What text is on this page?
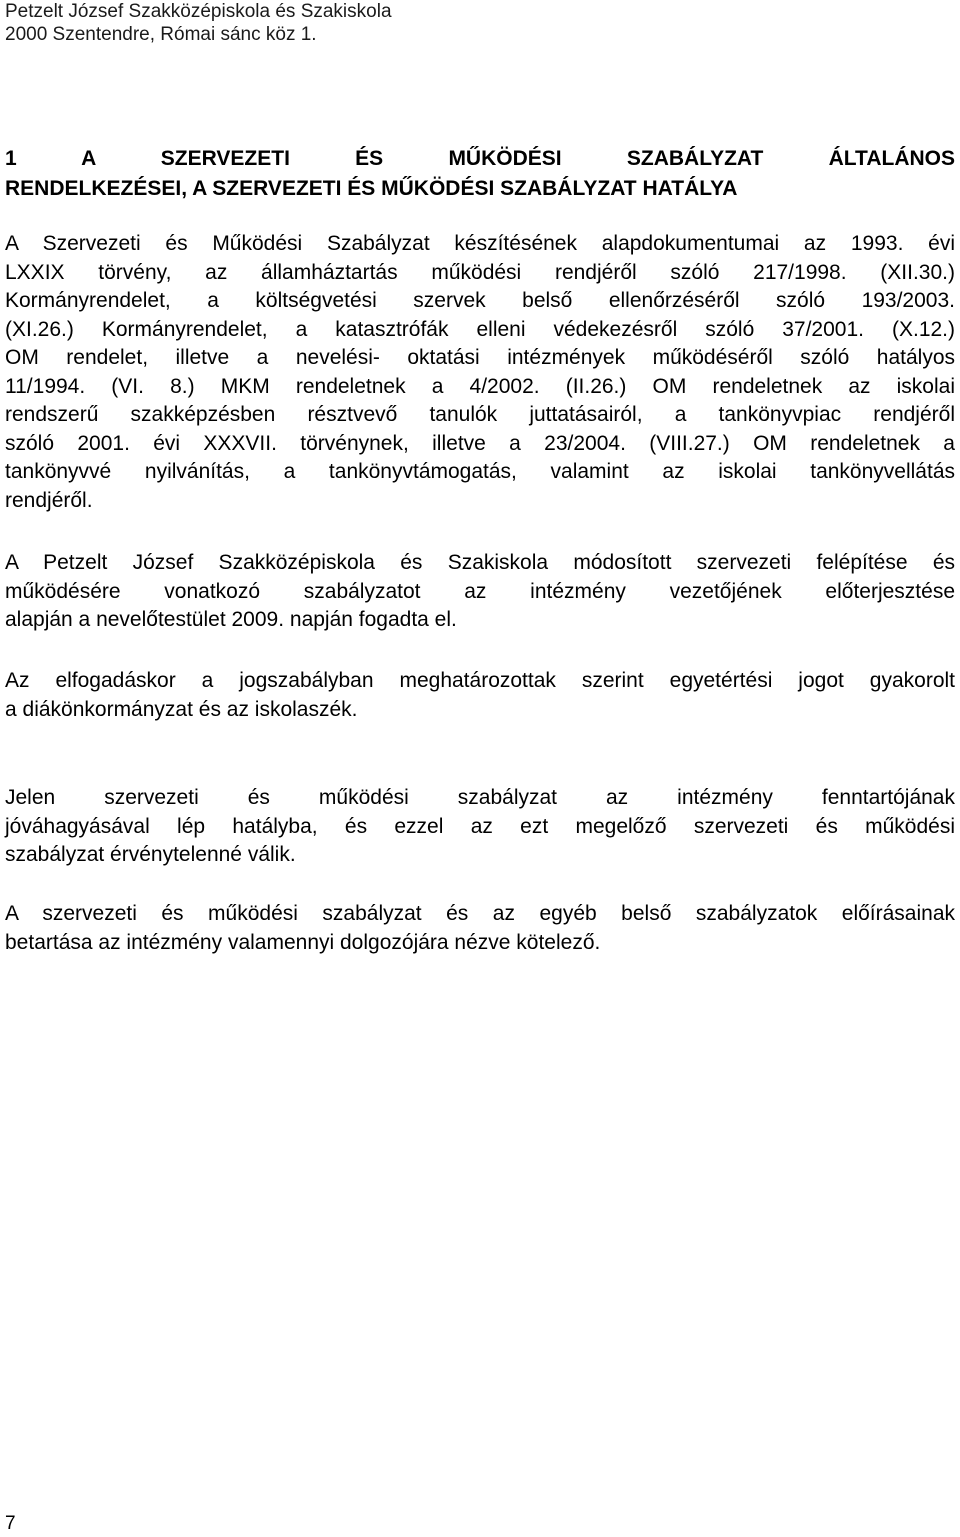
Petzelt József Szakközépiskola és Szakiskola
2000 Szentendre, Római sánc köz 1.
1 A SZERVEZETI ÉS MŰKÖDÉSI SZABÁLYZAT ÁLTALÁNOS
RENDELKEZÉSEI, A SZERVEZETI ÉS MŰKÖDÉSI SZABÁLYZAT HATÁLYA
A Szervezeti és Működési Szabályzat készítésének alapdokumentumai az 1993. évi
LXXIX törvény, az államháztartás működési rendjéről szóló 217/1998. (XII.30.)
Kormányrendelet, a költségvetési szervek belső ellenőrzéséről szóló 193/2003.
(XI.26.) Kormányrendelet, a katasztrófák elleni védekezésről szóló 37/2001. (X.12.)
OM rendelet, illetve a nevelési- oktatási intézmények működéséről szóló hatályos
11/1994. (VI. 8.) MKM rendeletnek a 4/2002. (II.26.) OM rendeletnek az iskolai
rendszerű szakképzésben résztvevő tanulók juttatásairól, a tankönyvpiac rendjéről
szóló 2001. évi XXXVII. törvénynek, illetve a 23/2004. (VIII.27.) OM rendeletnek a
tankönyvvé nyilvánítás, a tankönyvtámogatás, valamint az iskolai tankönyvellátás
rendjéről.
A Petzelt József Szakközépiskola és Szakiskola módosított szervezeti felépítése és
működésére vonatkozó szabályzatot az intézmény vezetőjének előterjesztése
alapján a nevelőtestület 2009. napján fogadta el.
Az elfogadáskor a jogszabályban meghatározottak szerint egyetértési jogot gyakorolt
a diákönkormányzat és az iskolaszék.
Jelen szervezeti és működési szabályzat az intézmény fenntartójának
jóváhagyásával lép hatályba, és ezzel az ezt megelőző szervezeti és működési
szabályzat érvénytelenné válik.
A szervezeti és működési szabályzat és az egyéb belső szabályzatok előírásainak
betartása az intézmény valamennyi dolgozójára nézve kötelező.
7
